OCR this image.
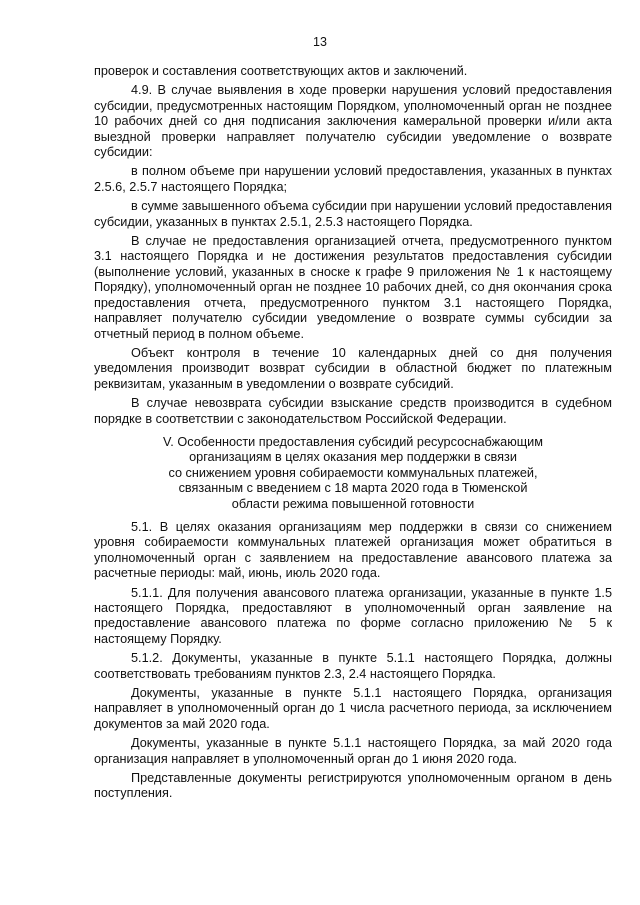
13

проверок и составления соответствующих актов и заключений.

4.9. В случае выявления в ходе проверки нарушения условий предоставления субсидии, предусмотренных настоящим Порядком, уполномоченный орган не позднее 10 рабочих дней со дня подписания заключения камеральной проверки и/или акта выездной проверки направляет получателю субсидии уведомление о возврате субсидии:

в полном объеме при нарушении условий предоставления, указанных в пунктах 2.5.6, 2.5.7 настоящего Порядка;

в сумме завышенного объема субсидии при нарушении условий предоставления субсидии, указанных в пунктах 2.5.1, 2.5.3 настоящего Порядка.

В случае не предоставления организацией отчета, предусмотренного пунктом 3.1 настоящего Порядка и не достижения результатов предоставления субсидии (выполнение условий, указанных в сноске к графе 9 приложения № 1 к настоящему Порядку), уполномоченный орган не позднее 10 рабочих дней, со дня окончания срока предоставления отчета, предусмотренного пунктом 3.1 настоящего Порядка, направляет получателю субсидии уведомление о возврате суммы субсидии за отчетный период в полном объеме.

Объект контроля в течение 10 календарных дней со дня получения уведомления производит возврат субсидии в областной бюджет по платежным реквизитам, указанным в уведомлении о возврате субсидий.

В случае невозврата субсидии взыскание средств производится в судебном порядке в соответствии с законодательством Российской Федерации.

V. Особенности предоставления субсидий ресурсоснабжающим
организациям в целях оказания мер поддержки в связи
со снижением уровня собираемости коммунальных платежей,
связанным с введением с 18 марта 2020 года в Тюменской
области режима повышенной готовности

5.1. В целях оказания организациям мер поддержки в связи со снижением уровня собираемости коммунальных платежей организация может обратиться в уполномоченный орган с заявлением на предоставление авансового платежа за расчетные периоды: май, июнь, июль 2020 года.

5.1.1. Для получения авансового платежа организации, указанные в пункте 1.5 настоящего Порядка, предоставляют в уполномоченный орган заявление на предоставление авансового платежа по форме согласно приложению № 5 к настоящему Порядку.

5.1.2. Документы, указанные в пункте 5.1.1 настоящего Порядка, должны соответствовать требованиям пунктов 2.3, 2.4 настоящего Порядка.

Документы, указанные в пункте 5.1.1 настоящего Порядка, организация направляет в уполномоченный орган до 1 числа расчетного периода, за исключением документов за май 2020 года.

Документы, указанные в пункте 5.1.1 настоящего Порядка, за май 2020 года организация направляет в уполномоченный орган до 1 июня 2020 года.

Представленные документы регистрируются уполномоченным органом в день поступления.
